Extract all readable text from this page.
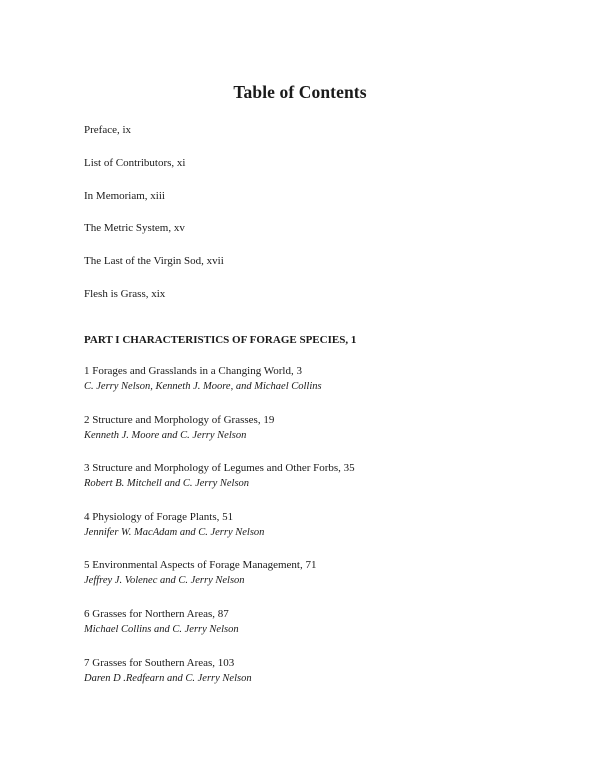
Table of Contents
Preface, ix
List of Contributors, xi
In Memoriam, xiii
The Metric System, xv
The Last of the Virgin Sod, xvii
Flesh is Grass, xix
PART I CHARACTERISTICS OF FORAGE SPECIES, 1
1 Forages and Grasslands in a Changing World, 3
C. Jerry Nelson, Kenneth J. Moore, and Michael Collins
2 Structure and Morphology of Grasses, 19
Kenneth J. Moore and C. Jerry Nelson
3 Structure and Morphology of Legumes and Other Forbs, 35
Robert B. Mitchell and C. Jerry Nelson
4 Physiology of Forage Plants, 51
Jennifer W. MacAdam and C. Jerry Nelson
5 Environmental Aspects of Forage Management, 71
Jeffrey J. Volenec and C. Jerry Nelson
6 Grasses for Northern Areas, 87
Michael Collins and C. Jerry Nelson
7 Grasses for Southern Areas, 103
Daren D .Redfearn and C. Jerry Nelson
